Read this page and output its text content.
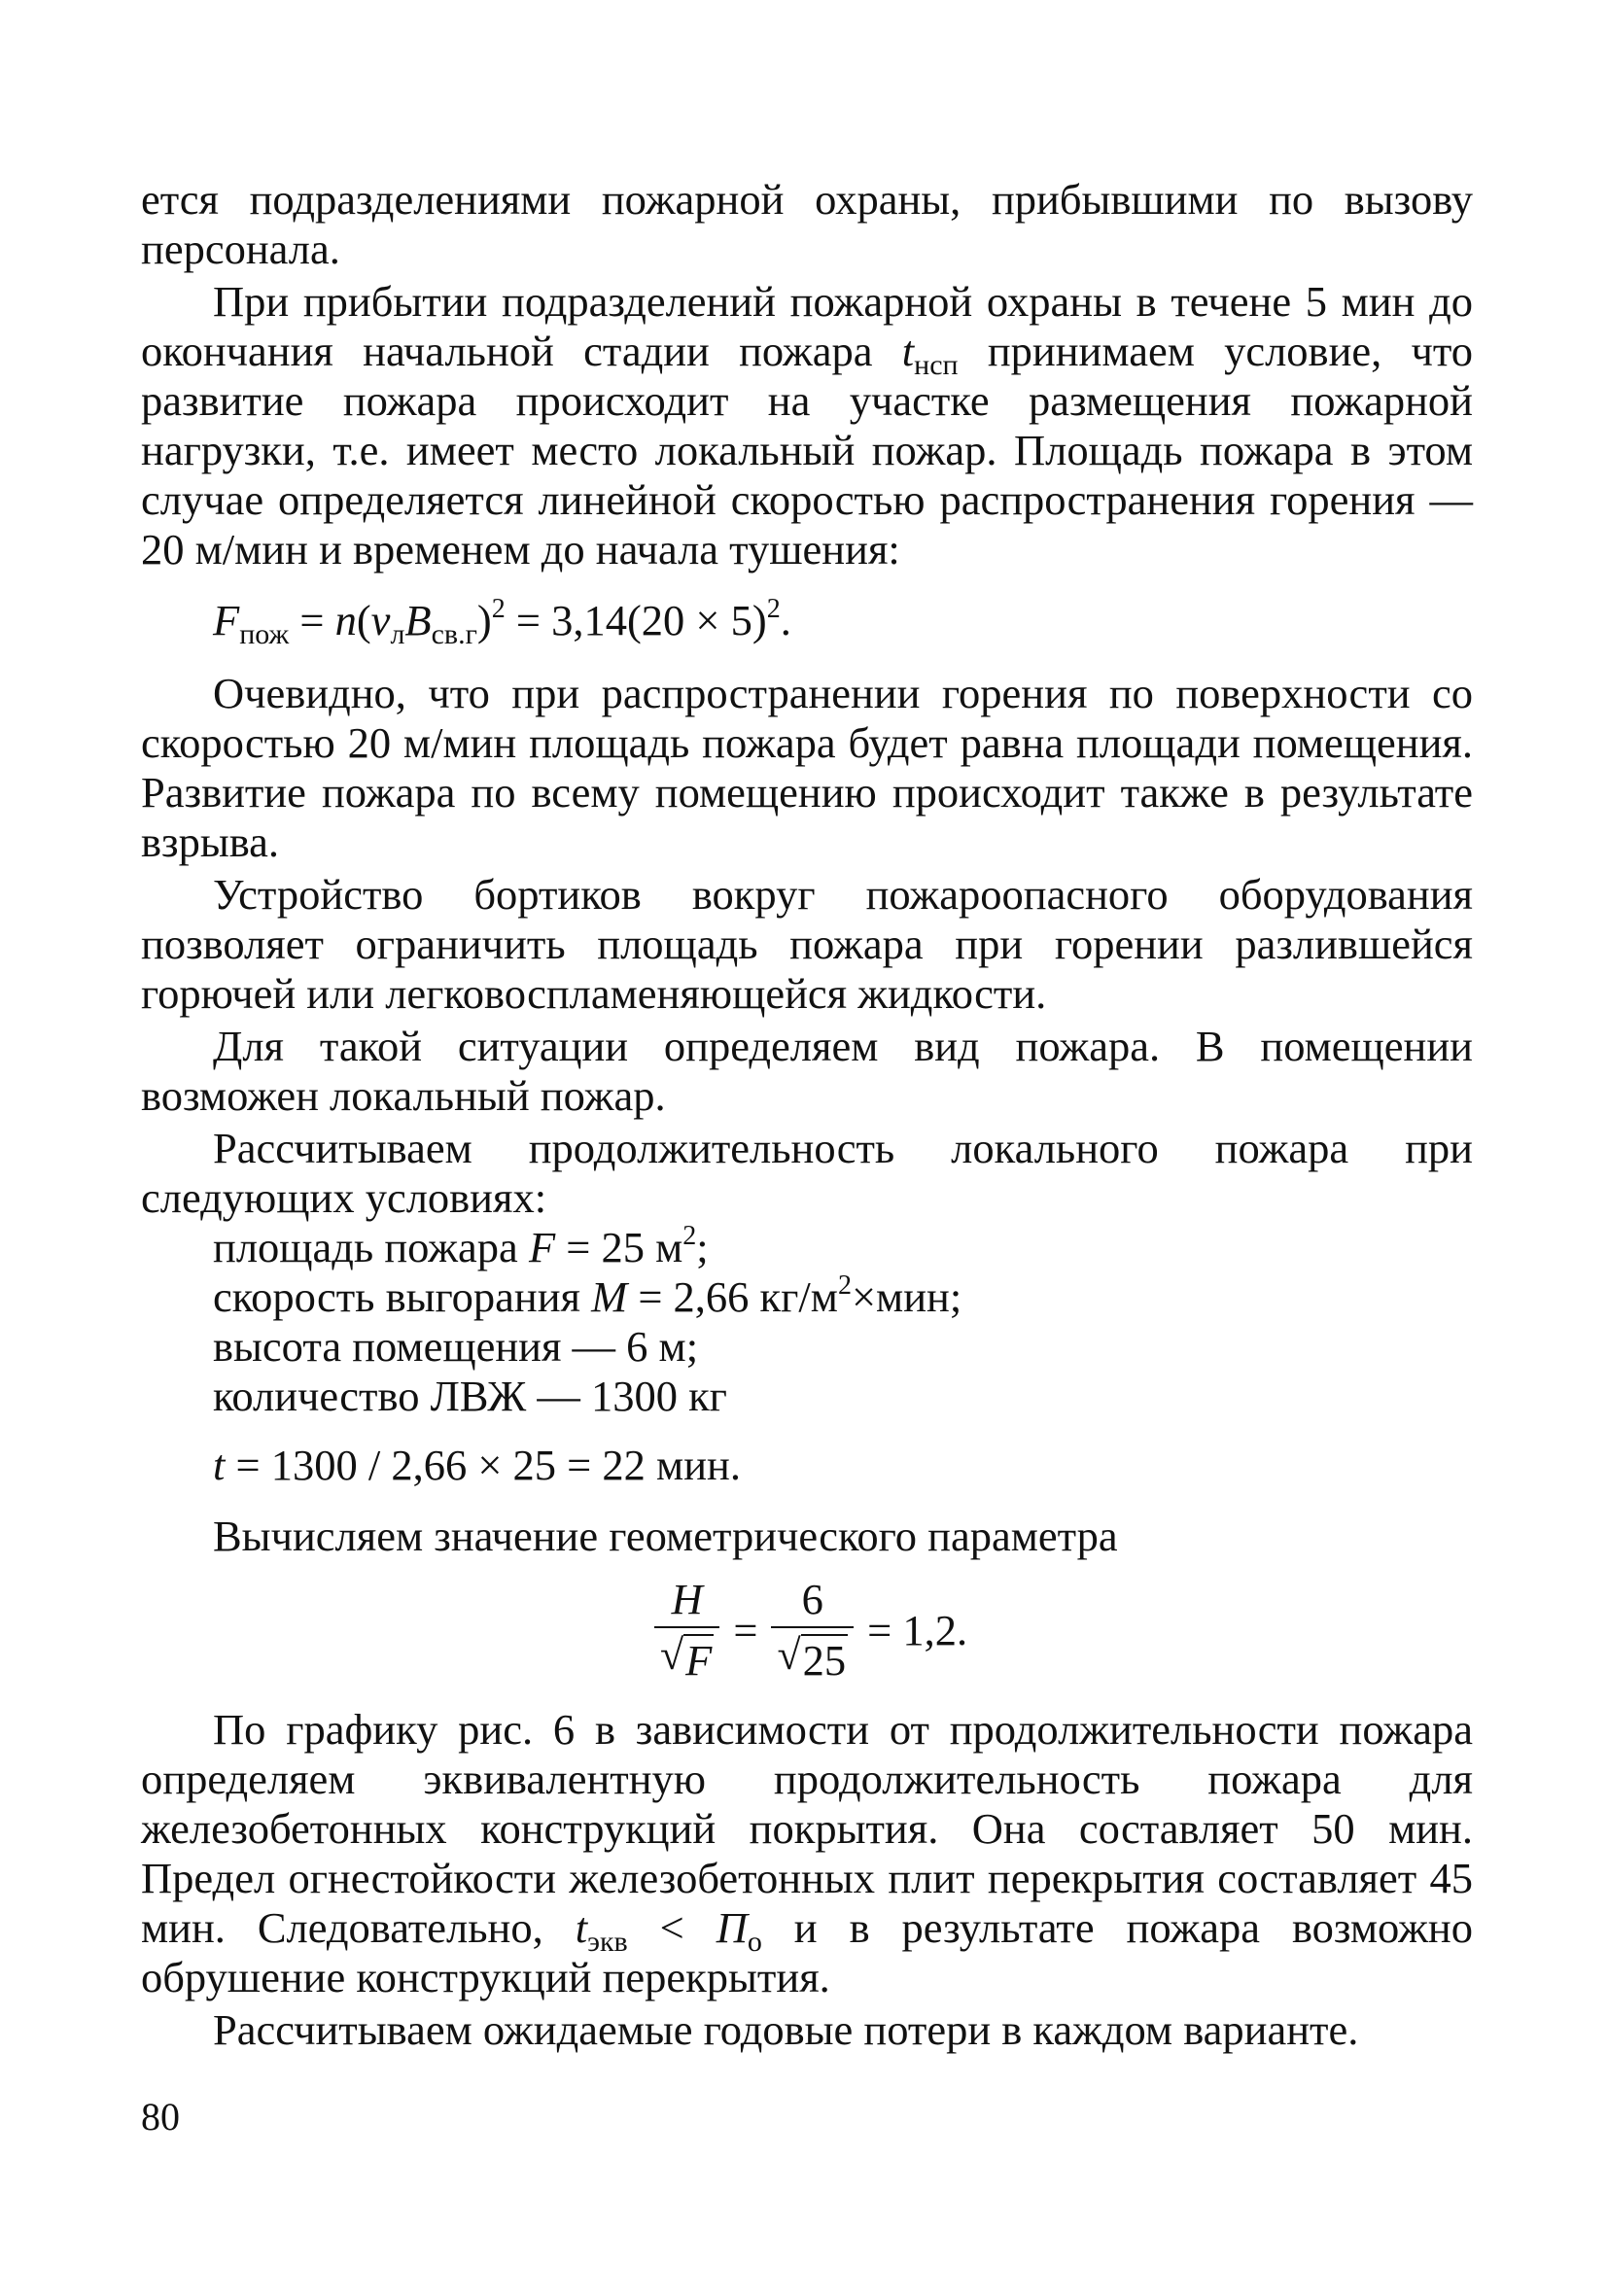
ется подразделениями пожарной охраны, прибывшими по вызову персонала.

При прибытии подразделений пожарной охраны в течене 5 мин до окончания начальной стадии пожара $t_{нсп}$ принимаем условие, что развитие пожара происходит на участке размещения пожарной нагрузки, т.е. имеет место локальный пожар. Площадь пожара в этом случае определяется линейной скоростью распространения горения — 20 м/мин и временем до начала тушения:

$F_{пож} = n(v_лB_{св.г})^2 = 3,14(20 \times 5)^2$.

Очевидно, что при распространении горения по поверхности со скоростью 20 м/мин площадь пожара будет равна площади помещения. Развитие пожара по всему помещению происходит также в результате взрыва.

Устройство бортиков вокруг пожароопасного оборудования позволяет ограничить площадь пожара при горении разлившейся горючей или легковоспламеняющейся жидкости.

Для такой ситуации определяем вид пожара. В помещении возможен локальный пожар.

Рассчитываем продолжительность локального пожара при следующих условиях:

площадь пожара F = 25 $м^2$;
скорость выгорания M = 2,66 $кг/м^2\times мин$;
высота помещения — 6 м;
количество ЛВЖ — 1300 кг
t = 1300 / 2,66 × 25 = 22 мин.

Вычисляем значение геометрического параметра

$\frac{H}{√ F} = \frac{6}{√ 25} = 1,2$.

По графику рис. 6 в зависимости от продолжительности пожара определяем эквивалентную продолжительность пожара для железобетонных конструкций покрытия. Она составляет 50 мин. Предел огнестойкости железобетонных плит перекрытия составляет 45 мин. Следовательно, $t_{экв} < П_о$ и в результате пожара возможно обрушение конструкций перекрытия.

Рассчитываем ожидаемые годовые потери в каждом варианте.

80
